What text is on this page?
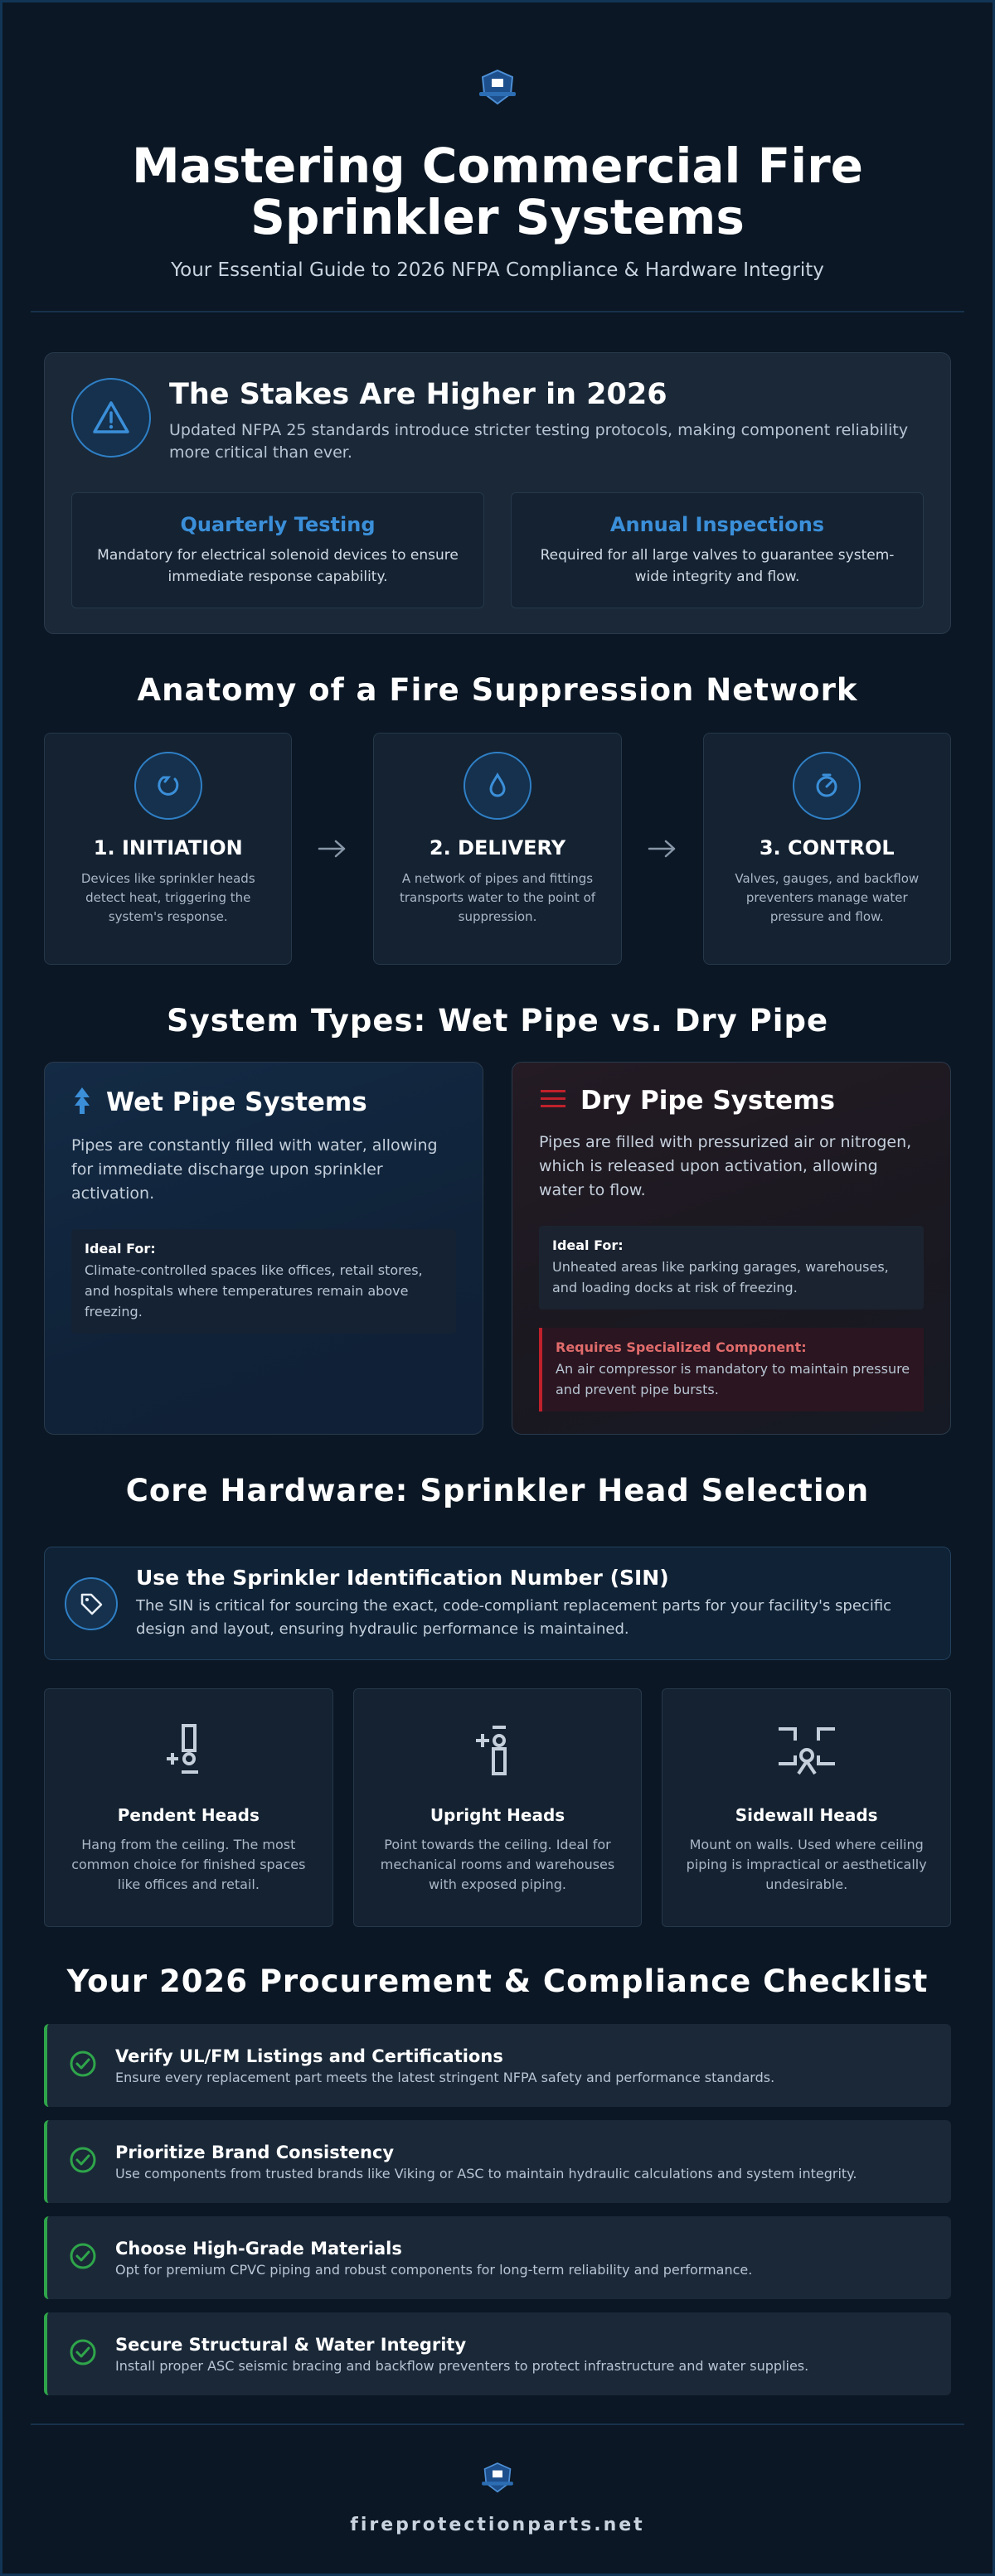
Mastering Commercial Fire Sprinkler Systems
Your Essential Guide to 2026 NFPA Compliance & Hardware Integrity
The Stakes Are Higher in 2026

Updated NFPA 25 standards introduce stricter testing protocols, making component reliability more critical than ever.

Quarterly Testing

Mandatory for electrical solenoid devices to ensure immediate response capability.

Annual Inspections

Required for all large valves to guarantee system-wide integrity and flow.

Anatomy of a Fire Suppression Network
1. INITIATION

Devices like sprinkler heads detect heat, triggering the system's response.

2. DELIVERY

A network of pipes and fittings transports water to the point of suppression.

3. CONTROL

Valves, gauges, and backflow preventers manage water pressure and flow.

System Types: Wet Pipe vs. Dry Pipe
Wet Pipe Systems

Pipes are constantly filled with water, allowing for immediate discharge upon sprinkler activation.

Ideal For:
Climate-controlled spaces like offices, retail stores, and hospitals where temperatures remain above freezing.
Dry Pipe Systems

Pipes are filled with pressurized air or nitrogen, which is released upon activation, allowing water to flow.

Ideal For:
Unheated areas like parking garages, warehouses, and loading docks at risk of freezing.
Requires Specialized Component:
An air compressor is mandatory to maintain pressure and prevent pipe bursts.
Core Hardware: Sprinkler Head Selection
Use the Sprinkler Identification Number (SIN)

The SIN is critical for sourcing the exact, code-compliant replacement parts for your facility's specific design and layout, ensuring hydraulic performance is maintained.

Pendent Heads

Hang from the ceiling. The most common choice for finished spaces like offices and retail.

Upright Heads

Point towards the ceiling. Ideal for mechanical rooms and warehouses with exposed piping.

Sidewall Heads

Mount on walls. Used where ceiling piping is impractical or aesthetically undesirable.

Your 2026 Procurement & Compliance Checklist
Verify UL/FM Listings and Certifications

Ensure every replacement part meets the latest stringent NFPA safety and performance standards.

Prioritize Brand Consistency

Use components from trusted brands like Viking or ASC to maintain hydraulic calculations and system integrity.

Choose High-Grade Materials

Opt for premium CPVC piping and robust components for long-term reliability and performance.

Secure Structural & Water Integrity

Install proper ASC seismic bracing and backflow preventers to protect infrastructure and water supplies.

fireprotectionparts.net
